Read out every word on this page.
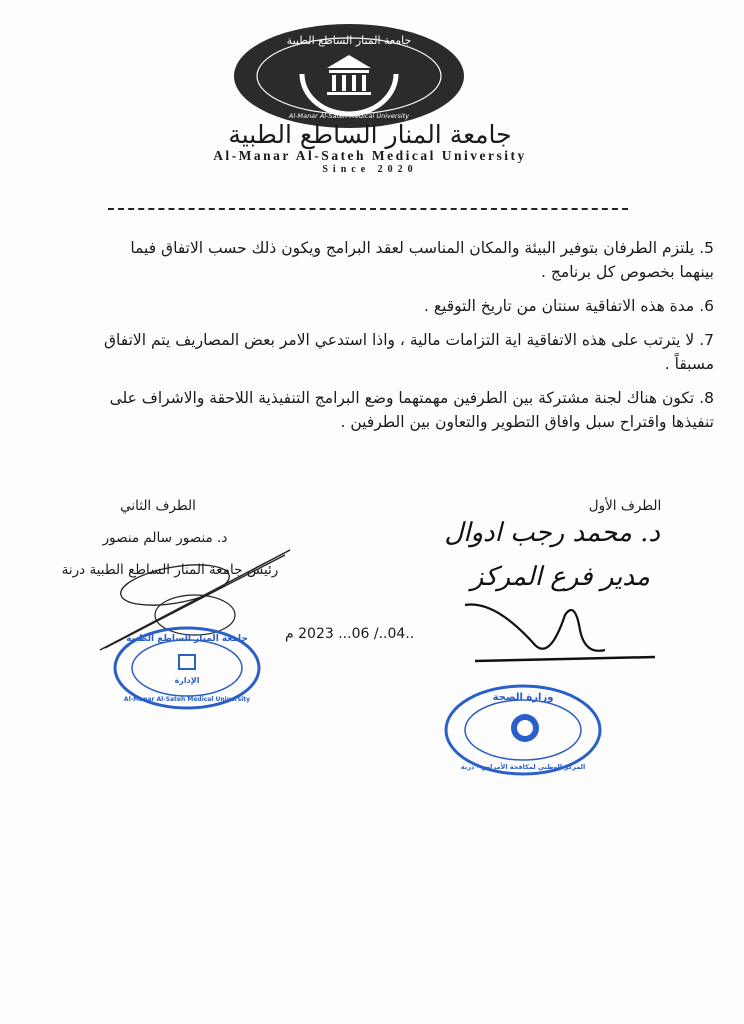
جامعة المنار الساطع الطبية
Al-Manar Al-Sateh Medical University
جامعة المنار الساطع الطبية
Al-Manar Al-Sateh Medical University
Since 2020
5. يلتزم الطرفان بتوفير البيئة والمكان المناسب لعقد البرامج ويكون ذلك حسب الاتفاق فيما بينهما بخصوص كل برنامج .
6. مدة هذه الاتفاقية سنتان من تاريخ التوقيع .
7. لا يترتب على هذه الاتفاقية اية التزامات مالية ، واذا استدعي الامر بعض المصاريف يتم الاتفاق مسبقاً .
8. تكون هناك لجنة مشتركة بين الطرفين مهمتهما وضع البرامج التنفيذية اللاحقة والاشراف على تنفيذها واقتراح سبل وافاق التطوير والتعاون بين الطرفين .
الطرف الثاني
د. منصور سالم منصور
رئيس جامعة المنار الساطع الطبية درنة
جامعة المنار الساطع الطبية
الإدارة
Al-Manar Al-Sateh Medical University
..04../ 06... 2023 م
الطرف الأول
د. محمد رجب ادوال
مدير فرع المركز
وزارة الصحة
المركز الوطني لمكافحة الأمراض - درنة
